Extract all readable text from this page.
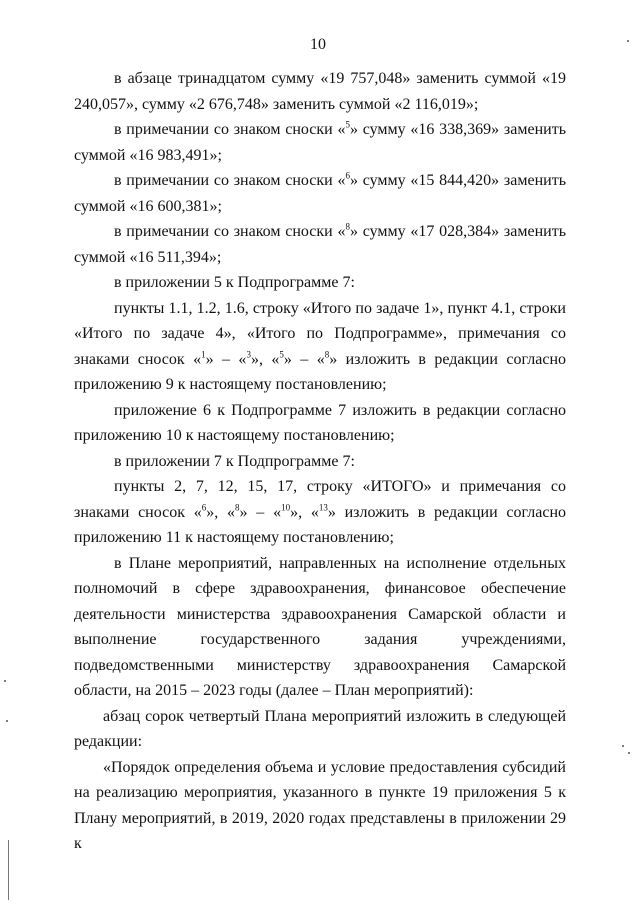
10

в абзаце тринадцатом сумму «19 757,048» заменить суммой «19 240,057», сумму «2 676,748» заменить суммой «2 116,019»;

в примечании со знаком сноски «$^5$» сумму «16 338,369» заменить суммой «16 983,491»;

в примечании со знаком сноски «$^6$» сумму «15 844,420» заменить суммой «16 600,381»;

в примечании со знаком сноски «$^8$» сумму «17 028,384» заменить суммой «16 511,394»;

в приложении 5 к Подпрограмме 7:

пункты 1.1, 1.2, 1.6, строку «Итого по задаче 1», пункт 4.1, строки «Итого по задаче 4», «Итого по Подпрограмме», примечания со знаками сносок «$^1$» – «$^3$», «$^5$» – «$^8$» изложить в редакции согласно приложению 9 к настоящему постановлению;

приложение 6 к Подпрограмме 7 изложить в редакции согласно приложению 10 к настоящему постановлению;

в приложении 7 к Подпрограмме 7:

пункты 2, 7, 12, 15, 17, строку «ИТОГО» и примечания со знаками сносок «$^6$», «$^8$» – «$^{10}$», «$^{13}$» изложить в редакции согласно приложению 11 к настоящему постановлению;

в Плане мероприятий, направленных на исполнение отдельных полномочий в сфере здравоохранения, финансовое обеспечение деятельности министерства здравоохранения Самарской области и выполнение государственного задания учреждениями, подведомственными министерству здравоохранения Самарской области, на 2015 – 2023 годы (далее – План мероприятий):

абзац сорок четвертый Плана мероприятий изложить в следующей редакции:

«Порядок определения объема и условие предоставления субсидий на реализацию мероприятия, указанного в пункте 19 приложения 5 к Плану мероприятий, в 2019, 2020 годах представлены в приложении 29 к
